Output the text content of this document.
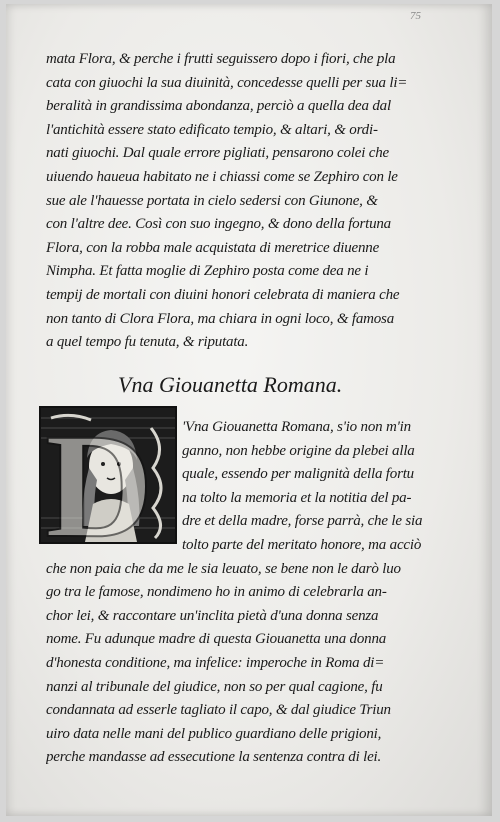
75
mata Flora, & perche i frutti seguissero dopo i fiori, che pla
cata con giuochi la sua diuinità, concedesse quelli per sua li=
beralità in grandissima abondanza, perciò a quella dea dal
l'antichità essere stato edificato tempio, & altari, & ordi-
nati giuochi. Dal quale errore pigliati, pensarono colei che
uiuendo haueua habitato ne i chiassi come se Zephiro con le
sue ale l'hauesse portata in cielo sedersi con Giunone, &
con l'altre dee. Così con suo ingegno, & dono della fortuna
Flora, con la robba male acquistata di meretrice diuenne
Nimpha. Et fatta moglie di Zephiro posta come dea ne i
tempij de mortali con diuini honori celebrata di maniera che
non tanto di Clora Flora, ma chiara in ogni loco, & famosa
a quel tempo fu tenuta, & riputata.
Vna Giouanetta Romana.
D	'Vna Giouanetta Romana, s'io non m'in
ganno, non hebbe origine da plebei alla
quale, essendo per malignità della fortu
na tolto la memoria et la notitia del pa-
dre et della madre, forse parrà, che le sia
tolto parte del meritato honore, ma acciò
che non paia che da me le sia leuato, se bene non le darò luo
go tra le famose, nondimeno ho in animo di celebrarla an-
chor lei, & raccontare un'inclita pietà d'una donna senza
nome. Fu adunque madre di questa Giouanetta una donna
d'honesta conditione, ma infelice: imperoche in Roma di=
nanzi al tribunale del giudice, non so per qual cagione, fu
condannata ad esserle tagliato il capo, & dal giudice Triun
uiro data nelle mani del publico guardiano delle prigioni,
perche mandasse ad essecutione la sentenza contra di lei.
